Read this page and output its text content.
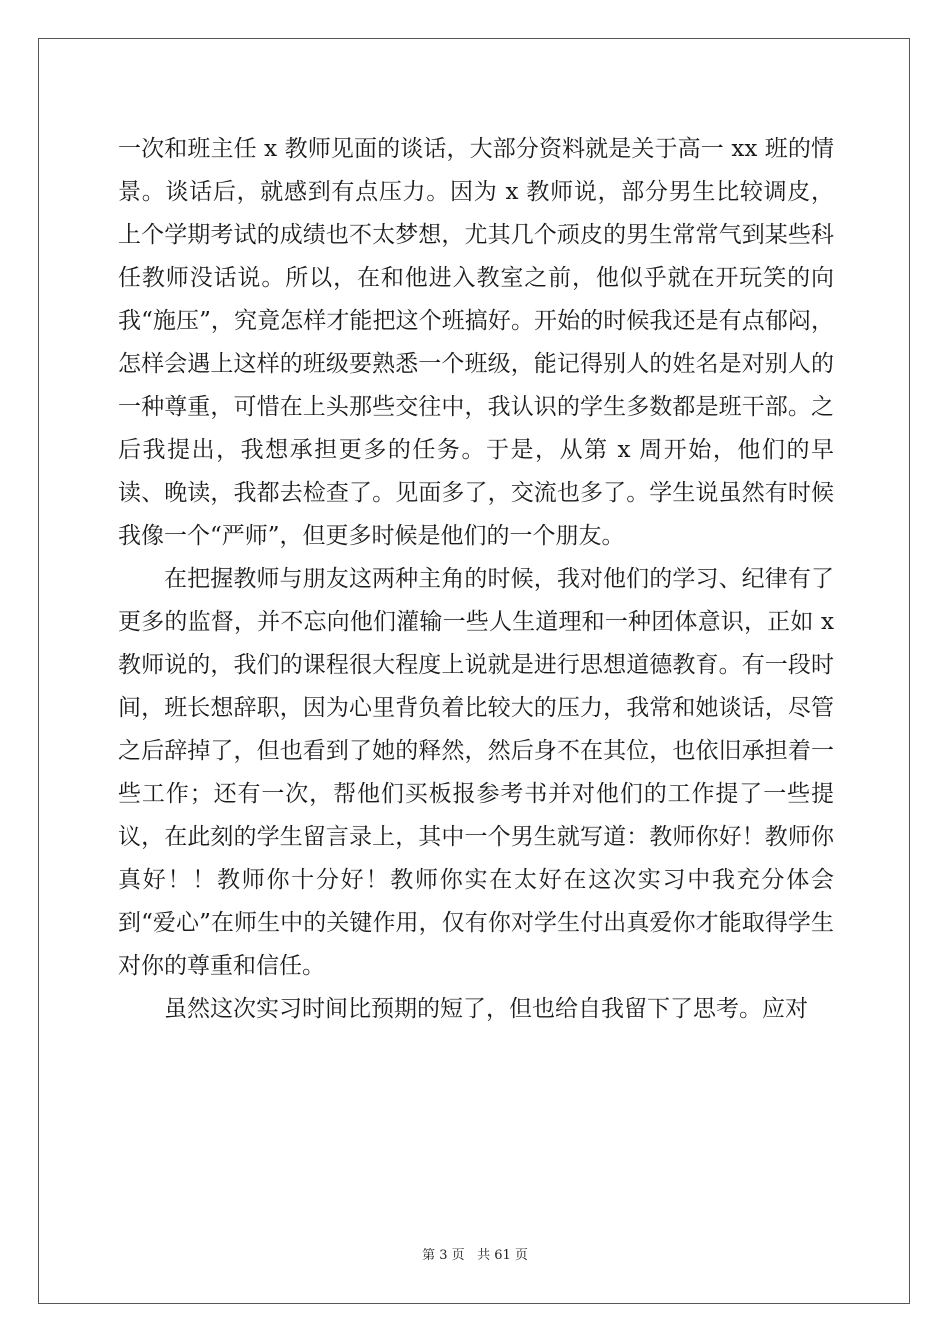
一次和班主任 x 教师见面的谈话，大部分资料就是关于高一 xx 班的情景。谈话后，就感到有点压力。因为 x 教师说，部分男生比较调皮，上个学期考试的成绩也不太梦想，尤其几个顽皮的男生常常气到某些科任教师没话说。所以，在和他进入教室之前，他似乎就在开玩笑的向我“施压”，究竟怎样才能把这个班搞好。开始的时候我还是有点郁闷，怎样会遇上这样的班级要熟悉一个班级，能记得别人的姓名是对别人的一种尊重，可惜在上头那些交往中，我认识的学生多数都是班干部。之后我提出，我想承担更多的任务。于是，从第 x 周开始，他们的早读、晚读，我都去检查了。见面多了，交流也多了。学生说虽然有时候我像一个“严师”，但更多时候是他们的一个朋友。

在把握教师与朋友这两种主角的时候，我对他们的学习、纪律有了更多的监督，并不忘向他们灌输一些人生道理和一种团体意识，正如 x 教师说的，我们的课程很大程度上说就是进行思想道德教育。有一段时间，班长想辞职，因为心里背负着比较大的压力，我常和她谈话，尽管之后辞掉了，但也看到了她的释然，然后身不在其位，也依旧承担着一些工作；还有一次，帮他们买板报参考书并对他们的工作提了一些提议，在此刻的学生留言录上，其中一个男生就写道：教师你好！教师你真好！！教师你十分好！教师你实在太好在这次实习中我充分体会到“爱心”在师生中的关键作用，仅有你对学生付出真爱你才能取得学生对你的尊重和信任。

虽然这次实习时间比预期的短了，但也给自我留下了思考。应对

第 3 页 共 61 页
